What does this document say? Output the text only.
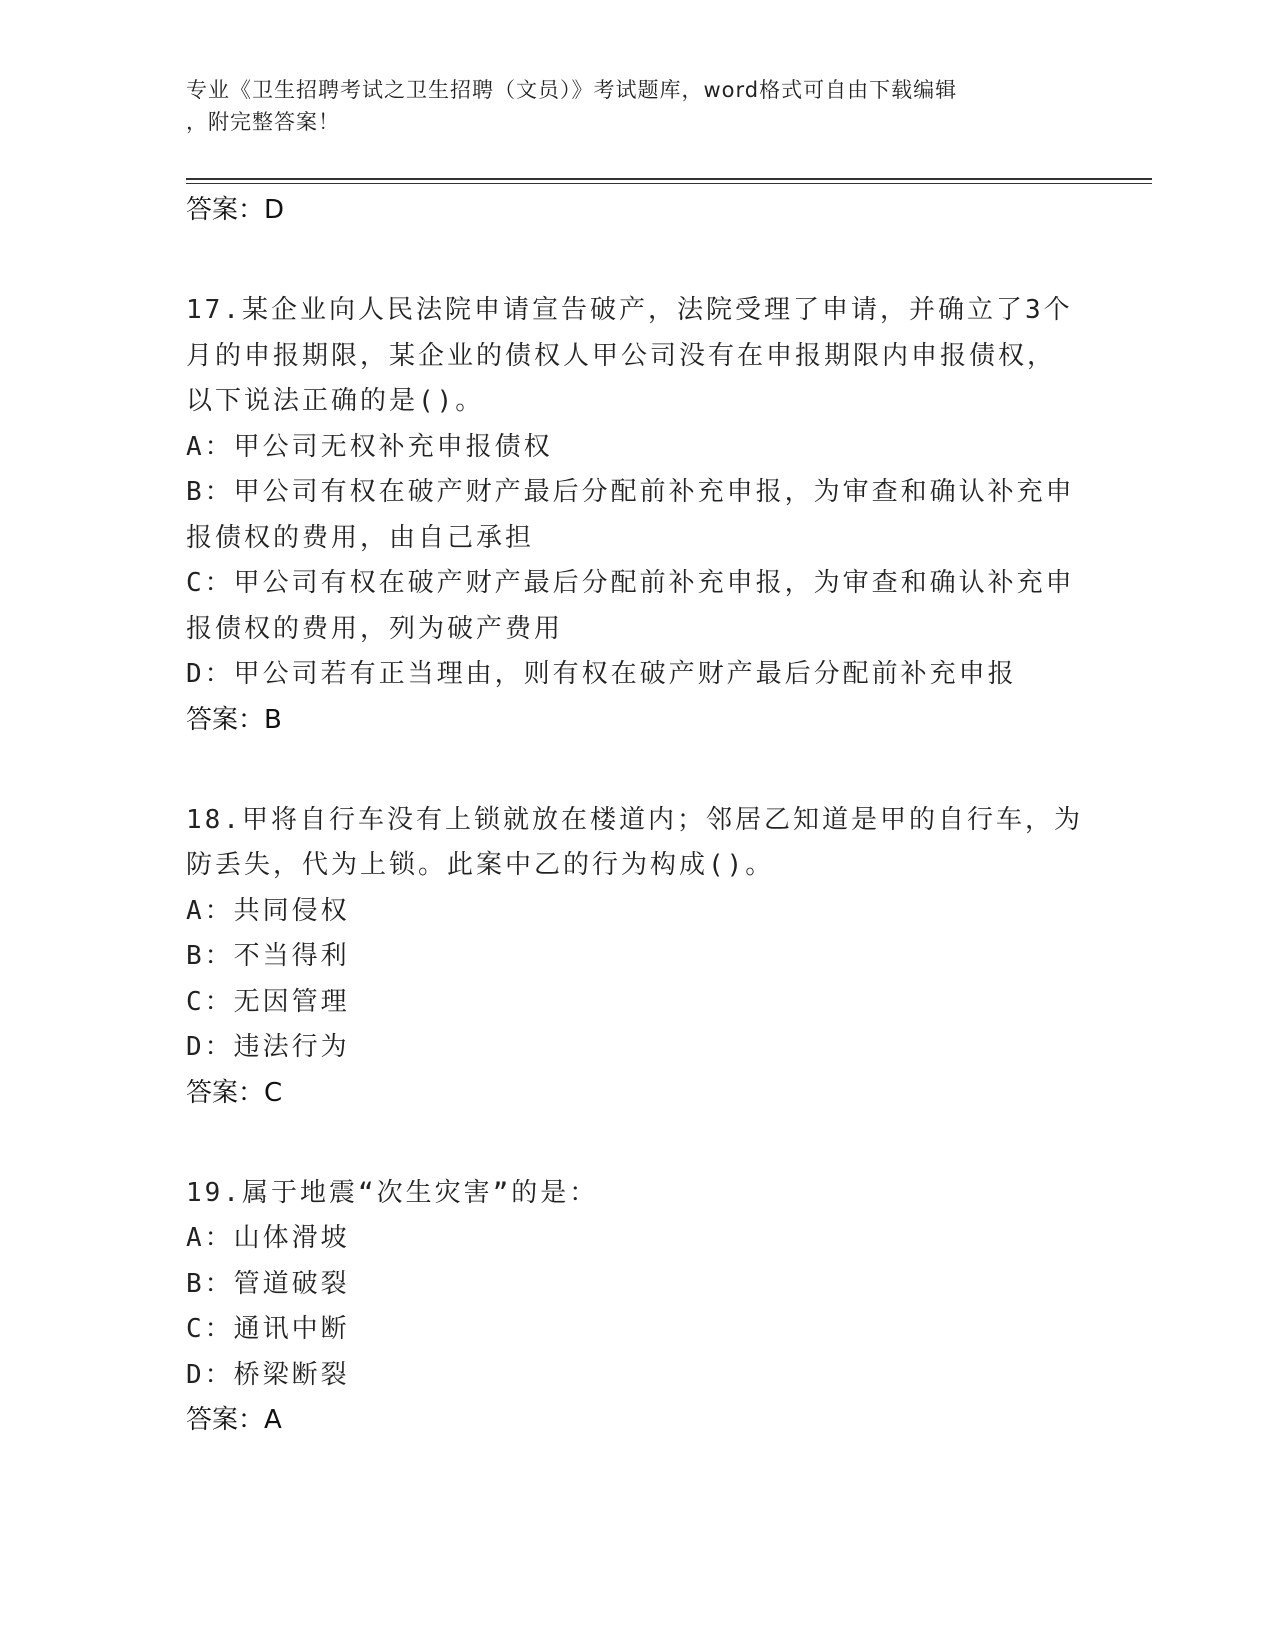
专业《卫生招聘考试之卫生招聘（文员）》考试题库，word格式可自由下载编辑
，附完整答案！
答案：D
17.某企业向人民法院申请宣告破产，法院受理了申请，并确立了3个
月的申报期限，某企业的债权人甲公司没有在申报期限内申报债权，
以下说法正确的是()。
A：甲公司无权补充申报债权
B：甲公司有权在破产财产最后分配前补充申报，为审查和确认补充申
报债权的费用，由自己承担
C：甲公司有权在破产财产最后分配前补充申报，为审查和确认补充申
报债权的费用，列为破产费用
D：甲公司若有正当理由，则有权在破产财产最后分配前补充申报
答案：B
18.甲将自行车没有上锁就放在楼道内；邻居乙知道是甲的自行车，为
防丢失，代为上锁。此案中乙的行为构成()。
A：共同侵权
B：不当得利
C：无因管理
D：违法行为
答案：C
19.属于地震“次生灾害”的是：
A：山体滑坡
B：管道破裂
C：通讯中断
D：桥梁断裂
答案：A
